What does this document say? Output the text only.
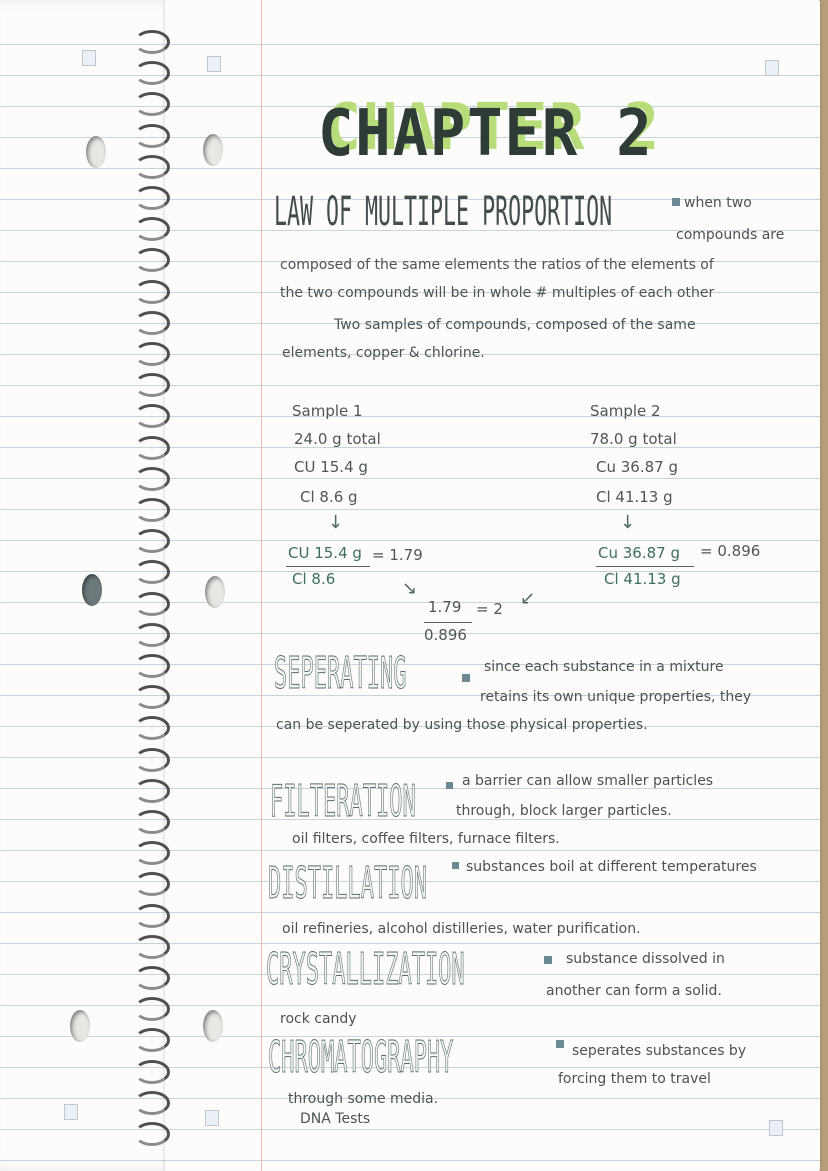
CHAPTER 2

LAW OF MULTIPLE PROPORTION	when two

compounds are

composed of the same elements the ratios of the elements of

the two compounds will be in whole # multiples of each other

Two samples of compounds, composed of the same

elements, copper & chlorine.

Sample 1

24.0 g total

CU 15.4 g

Cl 8.6 g

↓

CU 15.4 g

Cl 8.6

= 1.79

↘

Sample 2

78.0 g total

Cu 36.87 g

Cl 41.13 g

↓

Cu 36.87 g

Cl 41.13 g

= 0.896

↙

1.79 = 2

0.896

SEPERATING	since each substance in a mixture

retains its own unique properties, they

can be seperated by using those physical properties.

FILTERATION	a barrier can allow smaller particles

through, block larger particles.

oil filters, coffee filters, furnace filters.

DISTILLATION	substances boil at different temperatures

oil refineries, alcohol distilleries, water purification.

CRYSTALLIZATION	substance dissolved in

another can form a solid.

rock candy

CHROMATOGRAPHY	seperates substances by

forcing them to travel

through some media.

DNA Tests
